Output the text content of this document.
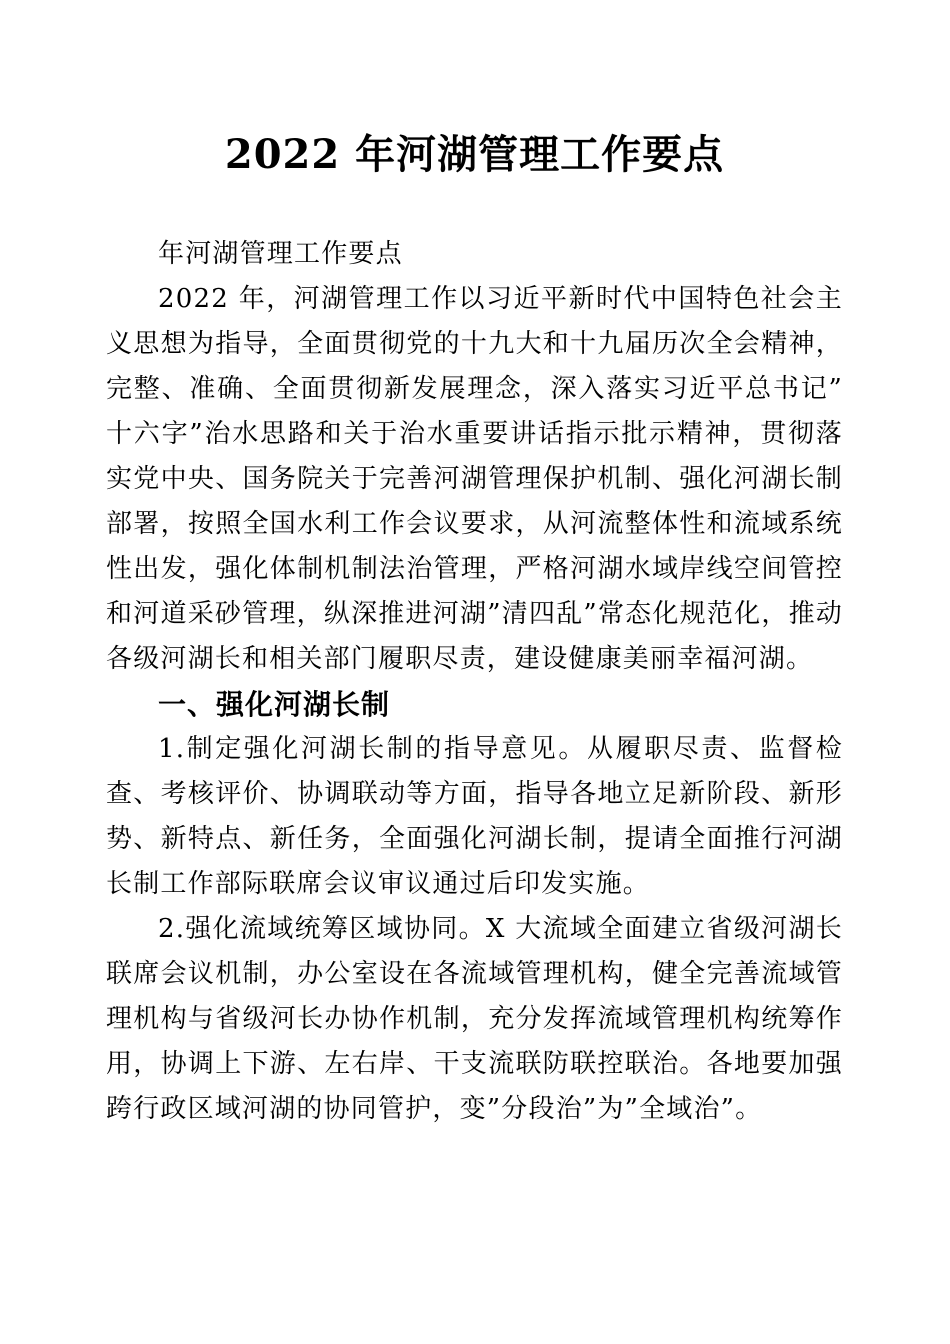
2022 年河湖管理工作要点

年河湖管理工作要点

2022 年，河湖管理工作以习近平新时代中国特色社会主义思想为指导，全面贯彻党的十九大和十九届历次全会精神，完整、准确、全面贯彻新发展理念，深入落实习近平总书记”十六字”治水思路和关于治水重要讲话指示批示精神，贯彻落实党中央、国务院关于完善河湖管理保护机制、强化河湖长制部署，按照全国水利工作会议要求，从河流整体性和流域系统性出发，强化体制机制法治管理，严格河湖水域岸线空间管控和河道采砂管理，纵深推进河湖”清四乱”常态化规范化，推动各级河湖长和相关部门履职尽责，建设健康美丽幸福河湖。

一、强化河湖长制

1.制定强化河湖长制的指导意见。从履职尽责、监督检查、考核评价、协调联动等方面，指导各地立足新阶段、新形势、新特点、新任务，全面强化河湖长制，提请全面推行河湖长制工作部际联席会议审议通过后印发实施。

2.强化流域统筹区域协同。X 大流域全面建立省级河湖长联席会议机制，办公室设在各流域管理机构，健全完善流域管理机构与省级河长办协作机制，充分发挥流域管理机构统筹作用，协调上下游、左右岸、干支流联防联控联治。各地要加强跨行政区域河湖的协同管护，变”分段治”为”全域治”。
